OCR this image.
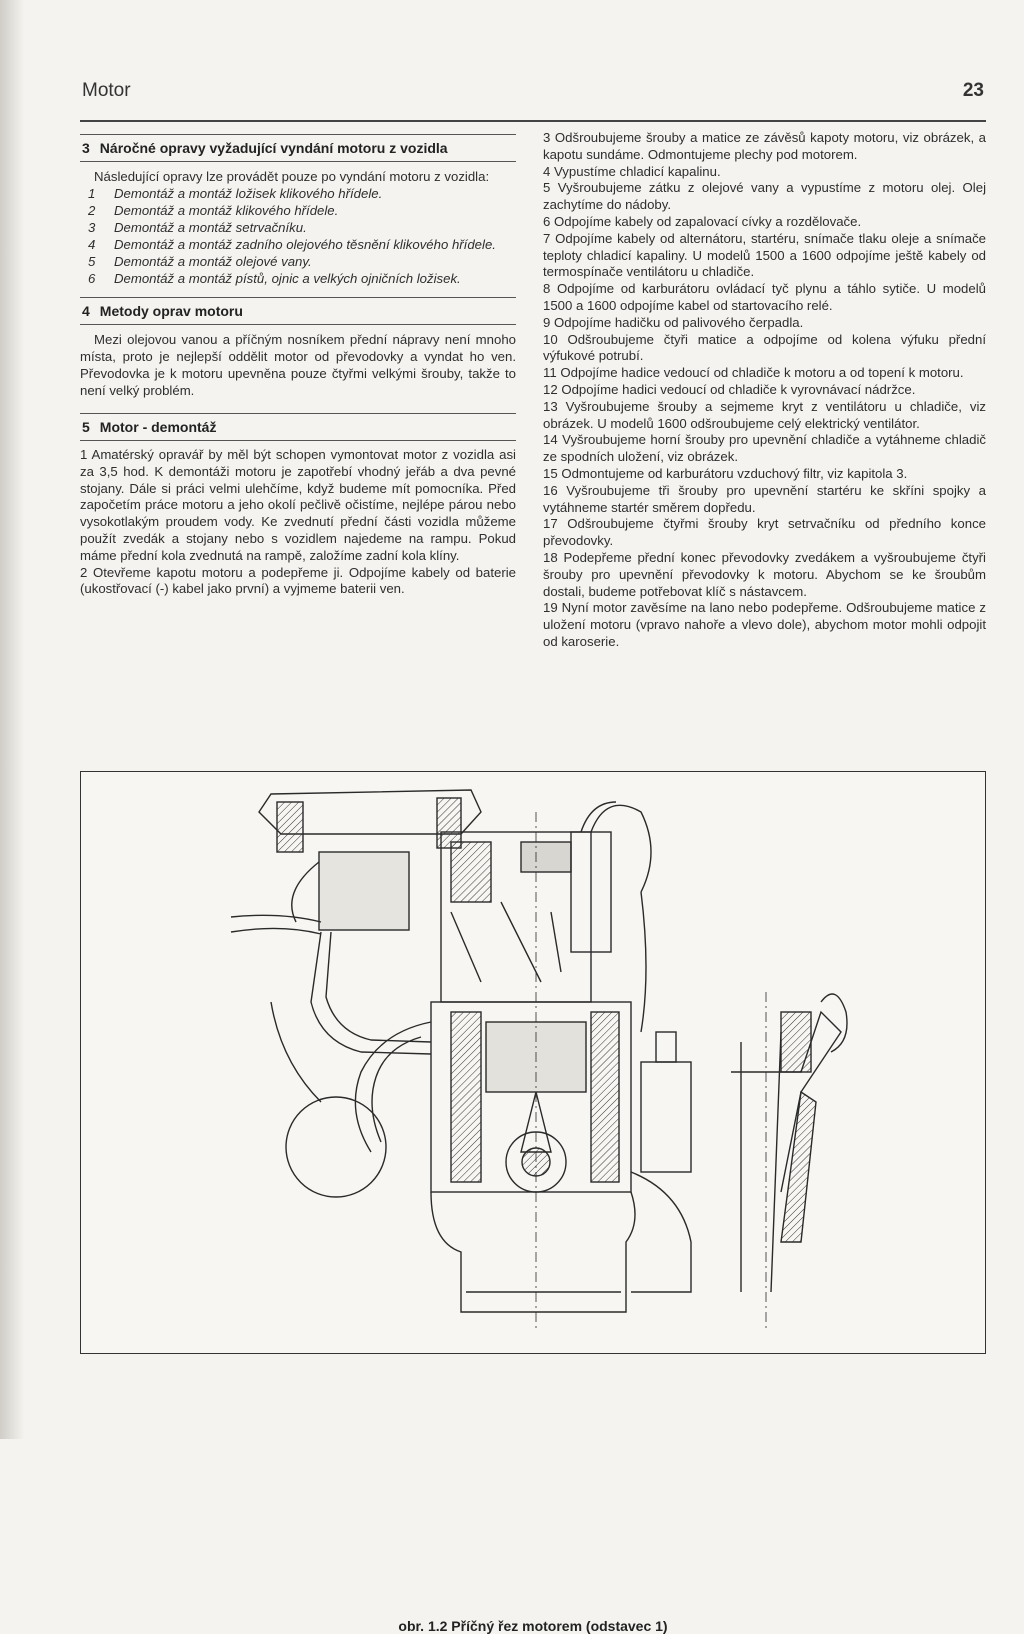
Motor	23
3 Náročné opravy vyžadující vyndání motoru z vozidla
Následující opravy lze provádět pouze po vyndání motoru z vozidla:
1	Demontáž a montáž ložisek klikového hřídele.
2	Demontáž a montáž klikového hřídele.
3	Demontáž a montáž setrvačníku.
4	Demontáž a montáž zadního olejového těsnění klikového hřídele.
5	Demontáž a montáž olejové vany.
6	Demontáž a montáž pístů, ojnic a velkých ojničních ložisek.
4 Metody oprav motoru
Mezi olejovou vanou a příčným nosníkem přední nápravy není mnoho místa, proto je nejlepší oddělit motor od převodovky a vyndat ho ven. Převodovka je k motoru upevněna pouze čtyřmi velkými šrouby, takže to není velký problém.
5 Motor - demontáž
1 Amatérský opravář by měl být schopen vymontovat motor z vozidla asi za 3,5 hod. K demontáži motoru je zapotřebí vhodný jeřáb a dva pevné stojany. Dále si práci velmi ulehčíme, když budeme mít pomocníka. Před započetím práce motoru a jeho okolí pečlivě očistíme, nejlépe párou nebo vysokotlakým proudem vody. Ke zvednutí přední části vozidla můžeme použít zvedák a stojany nebo s vozidlem najedeme na rampu. Pokud máme přední kola zvednutá na rampě, založíme zadní kola klíny.
2 Otevřeme kapotu motoru a podepřeme ji. Odpojíme kabely od baterie (ukostřovací (-) kabel jako první) a vyjmeme baterii ven.
3 Odšroubujeme šrouby a matice ze závěsů kapoty motoru, viz obrázek, a kapotu sundáme. Odmontujeme plechy pod motorem.
4 Vypustíme chladicí kapalinu.
5 Vyšroubujeme zátku z olejové vany a vypustíme z motoru olej. Olej zachytíme do nádoby.
6 Odpojíme kabely od zapalovací cívky a rozdělovače.
7 Odpojíme kabely od alternátoru, startéru, snímače tlaku oleje a snímače teploty chladicí kapaliny. U modelů 1500 a 1600 odpojíme ještě kabely od termospínače ventilátoru u chladiče.
8 Odpojíme od karburátoru ovládací tyč plynu a táhlo sytiče. U modelů 1500 a 1600 odpojíme kabel od startovacího relé.
9 Odpojíme hadičku od palivového čerpadla.
10 Odšroubujeme čtyři matice a odpojíme od kolena výfuku přední výfukové potrubí.
11 Odpojíme hadice vedoucí od chladiče k motoru a od topení k motoru.
12 Odpojíme hadici vedoucí od chladiče k vyrovnávací nádržce.
13 Vyšroubujeme šrouby a sejmeme kryt z ventilátoru u chladiče, viz obrázek. U modelů 1600 odšroubujeme celý elektrický ventilátor.
14 Vyšroubujeme horní šrouby pro upevnění chladiče a vytáhneme chladič ze spodních uložení, viz obrázek.
15 Odmontujeme od karburátoru vzduchový filtr, viz kapitola 3.
16 Vyšroubujeme tři šrouby pro upevnění startéru ke skříni spojky a vytáhneme startér směrem dopředu.
17 Odšroubujeme čtyřmi šrouby kryt setrvačníku od předního konce převodovky.
18 Podepřeme přední konec převodovky zvedákem a vyšroubujeme čtyři šrouby pro upevnění převodovky k motoru. Abychom se ke šroubům dostali, budeme potřebovat klíč s nástavcem.
19 Nyní motor zavěsíme na lano nebo podepřeme. Odšroubujeme matice z uložení motoru (vpravo nahoře a vlevo dole), abychom motor mohli odpojit od karoserie.
obr. 1.2 Příčný řez motorem (odstavec 1)
